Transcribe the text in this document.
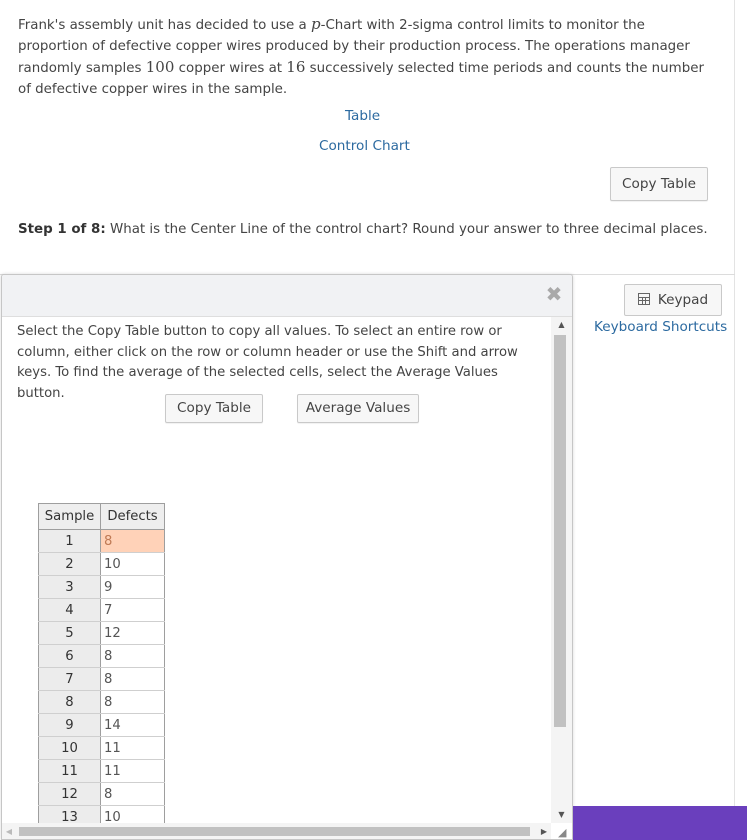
Frank's assembly unit has decided to use a p-Chart with 2-sigma control limits to monitor the proportion of defective copper wires produced by their production process. The operations manager randomly samples 100 copper wires at 16 successively selected time periods and counts the number of defective copper wires in the sample.
Table
Control Chart
Copy Table
Step 1 of 8: What is the Center Line of the control chart? Round your answer to three decimal places.
Keypad
Keyboard Shortcuts
✖
Select the Copy Table button to copy all values. To select an entire row or column, either click on the row or column header or use the Shift and arrow keys. To find the average of the selected cells, select the Average Values button.
Copy Table	Average Values
Sample	Defects
1	8
2	10
3	9
4	7
5	12
6	8
7	8
8	8
9	14
10	11
11	11
12	8
13	10
▲
▼
◀	▶ ◢
